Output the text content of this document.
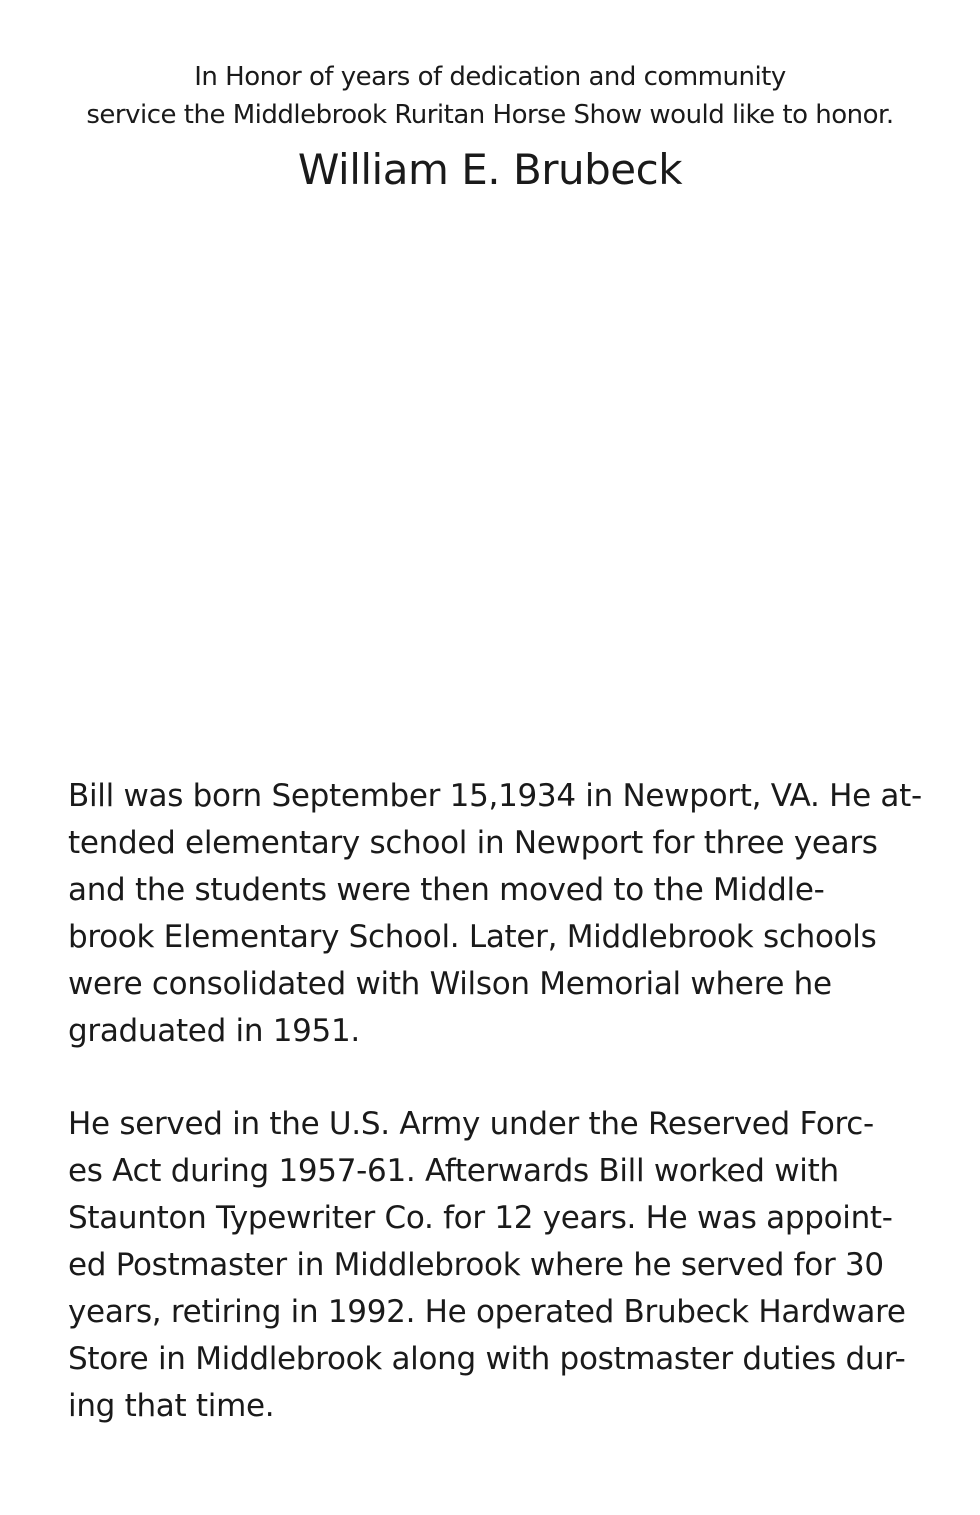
In Honor of years of dedication and community
service the Middlebrook Ruritan Horse Show would like to honor.
William E. Brubeck
Bill was born September 15,1934 in Newport, VA. He at-
tended elementary school in Newport for three years
and the students were then moved to the Middle-
brook Elementary School. Later, Middlebrook schools
were consolidated with Wilson Memorial where he
graduated in 1951.
He served in the U.S. Army under the Reserved Forc-
es Act during 1957-61. Afterwards Bill worked with
Staunton Typewriter Co. for 12 years. He was appoint-
ed Postmaster in Middlebrook where he served for 30
years, retiring in 1992. He operated Brubeck Hardware
Store in Middlebrook along with postmaster duties dur-
ing that time.
